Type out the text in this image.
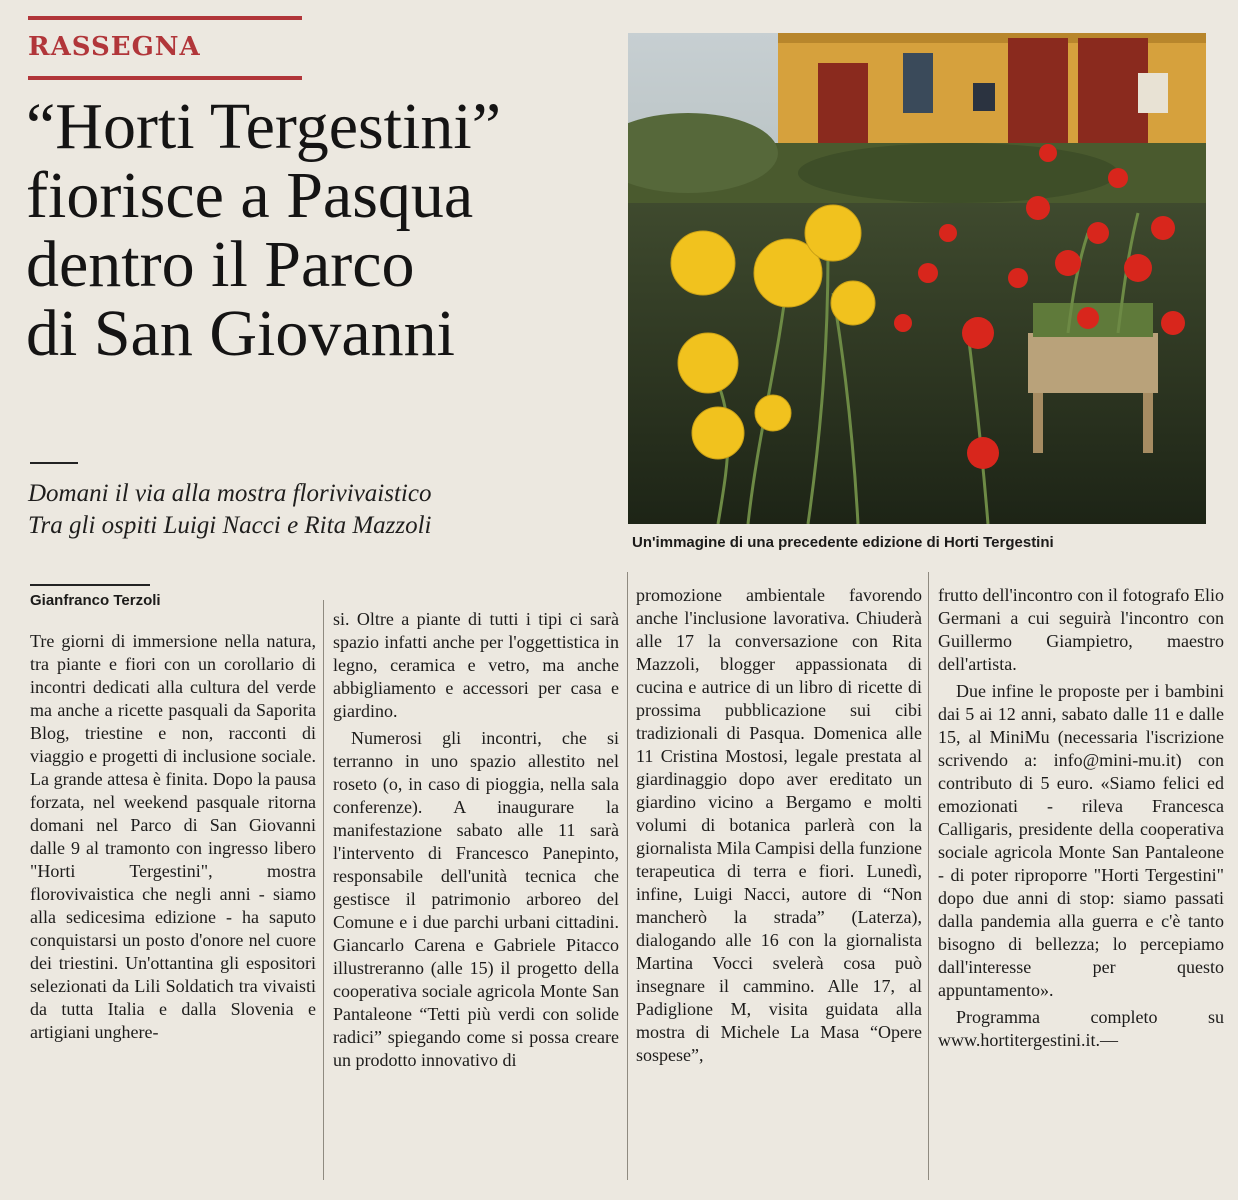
RASSEGNA
“Horti Tergestini”
fiorisce a Pasqua
dentro il Parco
di San Giovanni
Domani il via alla mostra florivivaistico
Tra gli ospiti Luigi Nacci e Rita Mazzoli
Un'immagine di una precedente edizione di Horti Tergestini
Gianfranco Terzoli

Tre giorni di immersione nella natura, tra piante e fiori con un corollario di incontri dedicati alla cultura del verde ma anche a ricette pasquali da Saporita Blog, triestine e non, racconti di viaggio e progetti di inclusione sociale. La grande attesa è finita. Dopo la pausa forzata, nel weekend pasquale ritorna domani nel Parco di San Giovanni dalle 9 al tramonto con ingresso libero "Horti Tergestini", mostra florovivaistica che negli anni - siamo alla sedicesima edizione - ha saputo conquistarsi un posto d'onore nel cuore dei triestini. Un'ottantina gli espositori selezionati da Lili Soldatich tra vivaisti da tutta Italia e dalla Slovenia e artigiani unghere-

si. Oltre a piante di tutti i tipi ci sarà spazio infatti anche per l'oggettistica in legno, ceramica e vetro, ma anche abbigliamento e accessori per casa e giardino.

Numerosi gli incontri, che si terranno in uno spazio allestito nel roseto (o, in caso di pioggia, nella sala conferenze). A inaugurare la manifestazione sabato alle 11 sarà l'intervento di Francesco Panepinto, responsabile dell'unità tecnica che gestisce il patrimonio arboreo del Comune e i due parchi urbani cittadini. Giancarlo Carena e Gabriele Pitacco illustreranno (alle 15) il progetto della cooperativa sociale agricola Monte San Pantaleone “Tetti più verdi con solide radici” spiegando come si possa creare un prodotto innovativo di

promozione ambientale favorendo anche l'inclusione lavorativa. Chiuderà alle 17 la conversazione con Rita Mazzoli, blogger appassionata di cucina e autrice di un libro di ricette di prossima pubblicazione sui cibi tradizionali di Pasqua. Domenica alle 11 Cristina Mostosi, legale prestata al giardinaggio dopo aver ereditato un giardino vicino a Bergamo e molti volumi di botanica parlerà con la giornalista Mila Campisi della funzione terapeutica di terra e fiori. Lunedì, infine, Luigi Nacci, autore di “Non mancherò la strada” (Laterza), dialogando alle 16 con la giornalista Martina Vocci svelerà cosa può insegnare il cammino. Alle 17, al Padiglione M, visita guidata alla mostra di Michele La Masa “Opere sospese”,

frutto dell'incontro con il fotografo Elio Germani a cui seguirà l'incontro con Guillermo Giampietro, maestro dell'artista.

Due infine le proposte per i bambini dai 5 ai 12 anni, sabato dalle 11 e dalle 15, al MiniMu (necessaria l'iscrizione scrivendo a: info@mini-mu.it) con contributo di 5 euro. «Siamo felici ed emozionati - rileva Francesca Calligaris, presidente della cooperativa sociale agricola Monte San Pantaleone - di poter riproporre "Horti Tergestini" dopo due anni di stop: siamo passati dalla pandemia alla guerra e c'è tanto bisogno di bellezza; lo percepiamo dall'interesse per questo appuntamento».

Programma completo su www.hortitergestini.it.—
